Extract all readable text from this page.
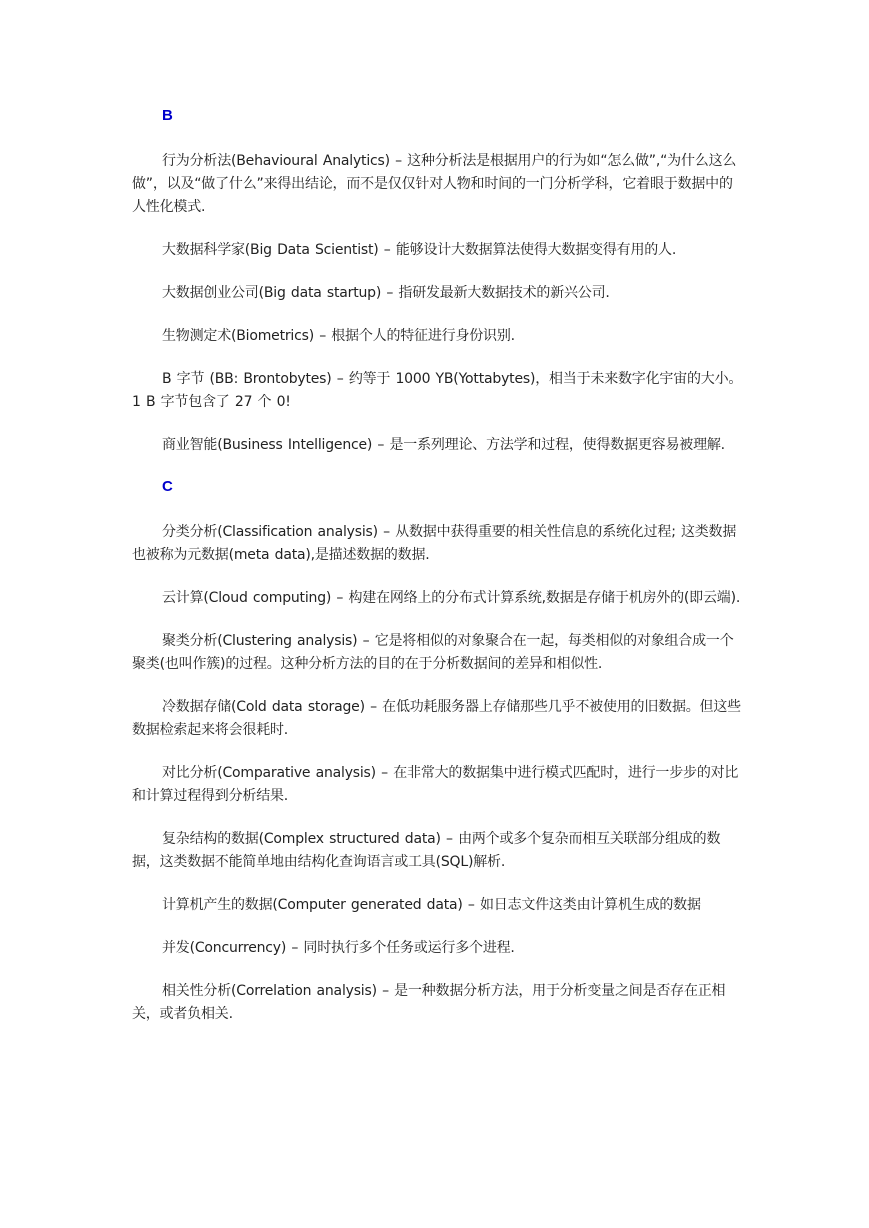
B

行为分析法(Behavioural Analytics) – 这种分析法是根据用户的行为如“怎么做”,“为什么这么做”，以及“做了什么”来得出结论，而不是仅仅针对人物和时间的一门分析学科，它着眼于数据中的人性化模式.

大数据科学家(Big Data Scientist) – 能够设计大数据算法使得大数据变得有用的人.

大数据创业公司(Big data startup) – 指研发最新大数据技术的新兴公司.

生物测定术(Biometrics) – 根据个人的特征进行身份识别.

B 字节 (BB: Brontobytes) – 约等于 1000 YB(Yottabytes)，相当于未来数字化宇宙的大小。1 B 字节包含了 27 个 0!

商业智能(Business Intelligence) – 是一系列理论、方法学和过程，使得数据更容易被理解.

C

分类分析(Classification analysis) – 从数据中获得重要的相关性信息的系统化过程; 这类数据也被称为元数据(meta data),是描述数据的数据.

云计算(Cloud computing) – 构建在网络上的分布式计算系统,数据是存储于机房外的(即云端).

聚类分析(Clustering analysis) – 它是将相似的对象聚合在一起，每类相似的对象组合成一个聚类(也叫作簇)的过程。这种分析方法的目的在于分析数据间的差异和相似性.

冷数据存储(Cold data storage) – 在低功耗服务器上存储那些几乎不被使用的旧数据。但这些数据检索起来将会很耗时.

对比分析(Comparative analysis) – 在非常大的数据集中进行模式匹配时，进行一步步的对比和计算过程得到分析结果.

复杂结构的数据(Complex structured data) – 由两个或多个复杂而相互关联部分组成的数据，这类数据不能简单地由结构化查询语言或工具(SQL)解析.

计算机产生的数据(Computer generated data) – 如日志文件这类由计算机生成的数据

并发(Concurrency) – 同时执行多个任务或运行多个进程.

相关性分析(Correlation analysis) – 是一种数据分析方法，用于分析变量之间是否存在正相关，或者负相关.
